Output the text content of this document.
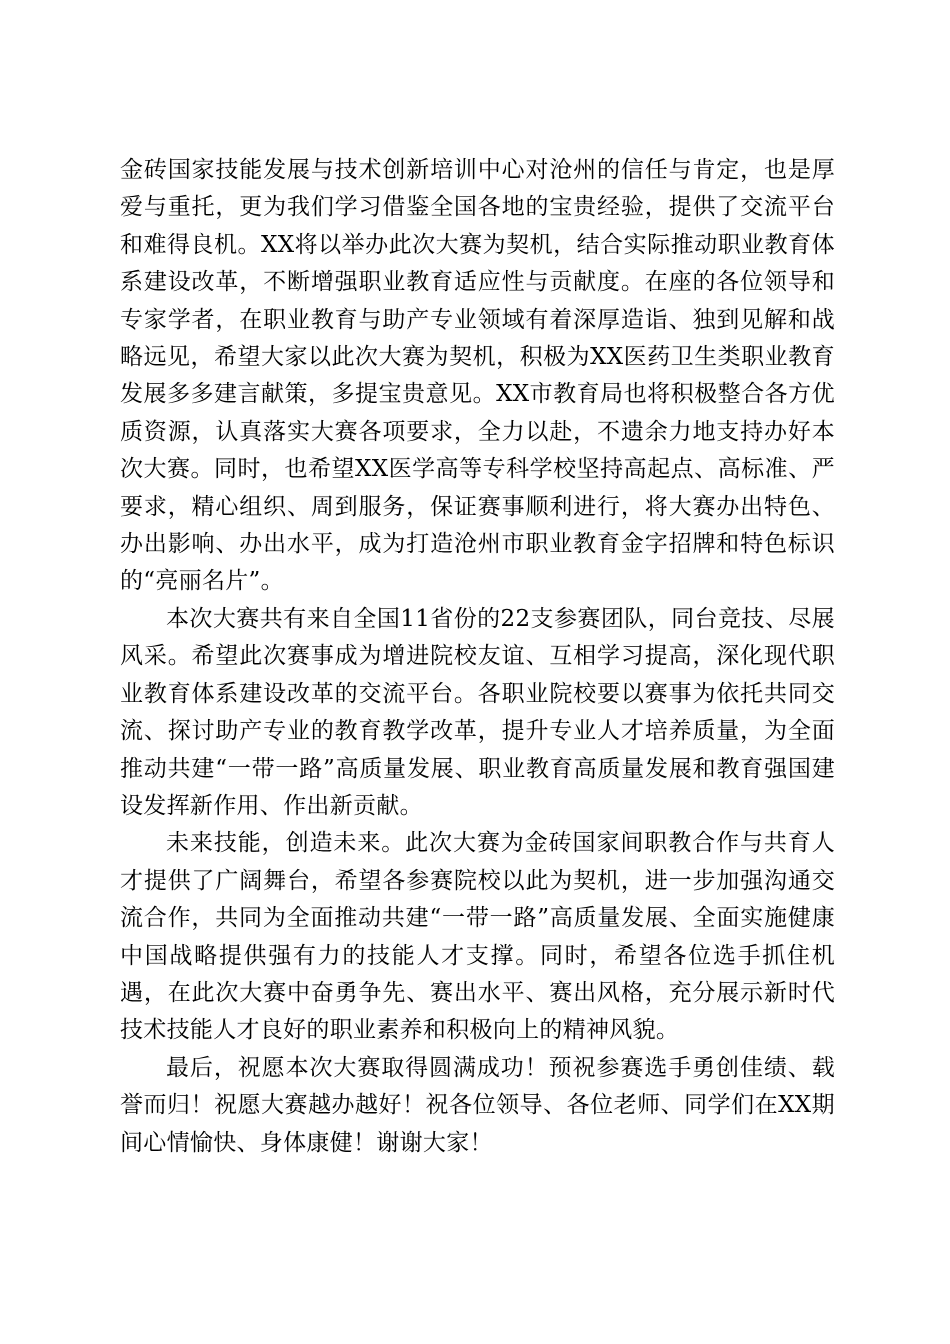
金砖国家技能发展与技术创新培训中心对沧州的信任与肯定，也是厚爱与重托，更为我们学习借鉴全国各地的宝贵经验，提供了交流平台和难得良机。XX将以举办此次大赛为契机，结合实际推动职业教育体系建设改革，不断增强职业教育适应性与贡献度。在座的各位领导和专家学者，在职业教育与助产专业领域有着深厚造诣、独到见解和战略远见，希望大家以此次大赛为契机，积极为XX医药卫生类职业教育发展多多建言献策，多提宝贵意见。XX市教育局也将积极整合各方优质资源，认真落实大赛各项要求，全力以赴，不遗余力地支持办好本次大赛。同时，也希望XX医学高等专科学校坚持高起点、高标准、严要求，精心组织、周到服务，保证赛事顺利进行，将大赛办出特色、办出影响、办出水平，成为打造沧州市职业教育金字招牌和特色标识的“亮丽名片”。

本次大赛共有来自全国11省份的22支参赛团队，同台竞技、尽展风采。希望此次赛事成为增进院校友谊、互相学习提高，深化现代职业教育体系建设改革的交流平台。各职业院校要以赛事为依托共同交流、探讨助产专业的教育教学改革，提升专业人才培养质量，为全面推动共建“一带一路”高质量发展、职业教育高质量发展和教育强国建设发挥新作用、作出新贡献。

未来技能，创造未来。此次大赛为金砖国家间职教合作与共育人才提供了广阔舞台，希望各参赛院校以此为契机，进一步加强沟通交流合作，共同为全面推动共建“一带一路”高质量发展、全面实施健康中国战略提供强有力的技能人才支撑。同时，希望各位选手抓住机遇，在此次大赛中奋勇争先、赛出水平、赛出风格，充分展示新时代技术技能人才良好的职业素养和积极向上的精神风貌。

最后，祝愿本次大赛取得圆满成功！预祝参赛选手勇创佳绩、载誉而归！祝愿大赛越办越好！祝各位领导、各位老师、同学们在XX期间心情愉快、身体康健！谢谢大家！
